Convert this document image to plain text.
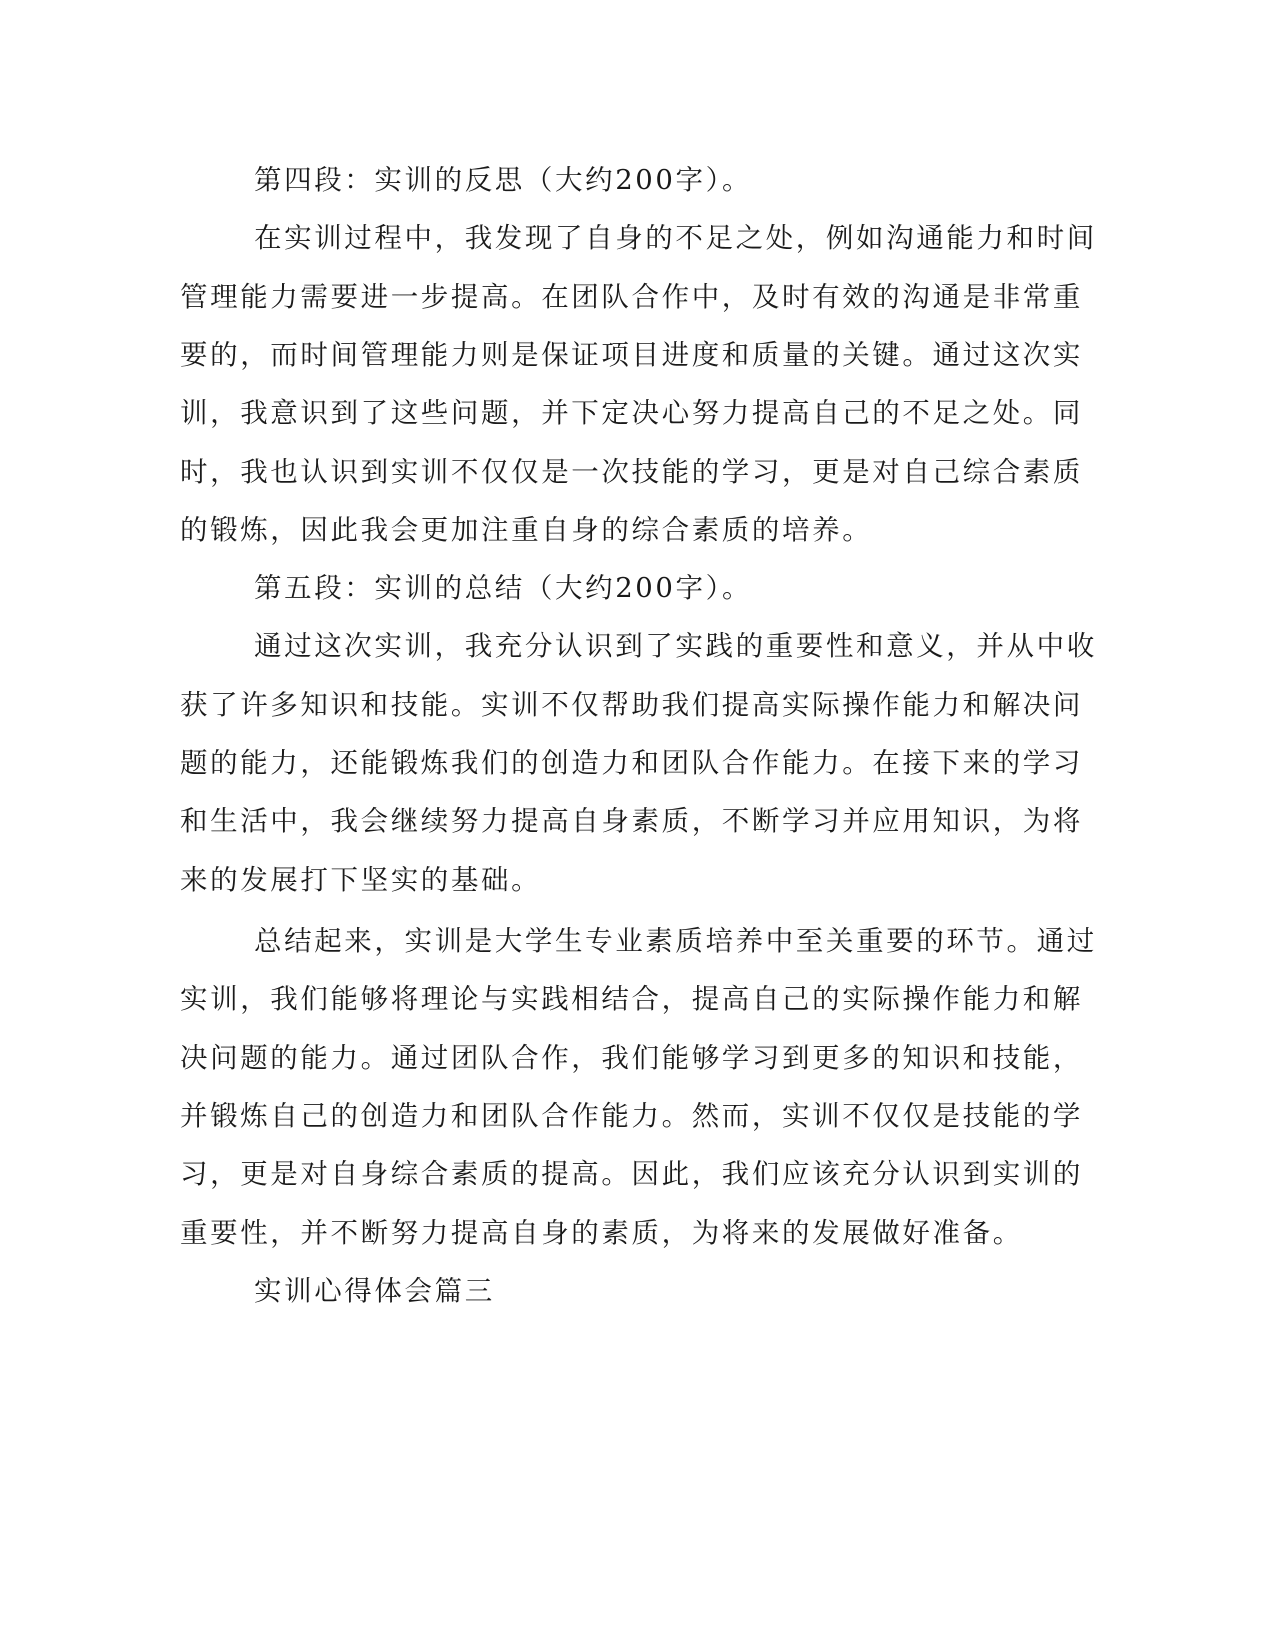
第四段：实训的反思（大约200字）。
在实训过程中，我发现了自身的不足之处，例如沟通能力和时间
管理能力需要进一步提高。在团队合作中，及时有效的沟通是非常重
要的，而时间管理能力则是保证项目进度和质量的关键。通过这次实
训，我意识到了这些问题，并下定决心努力提高自己的不足之处。同
时，我也认识到实训不仅仅是一次技能的学习，更是对自己综合素质
的锻炼，因此我会更加注重自身的综合素质的培养。
第五段：实训的总结（大约200字）。
通过这次实训，我充分认识到了实践的重要性和意义，并从中收
获了许多知识和技能。实训不仅帮助我们提高实际操作能力和解决问
题的能力，还能锻炼我们的创造力和团队合作能力。在接下来的学习
和生活中，我会继续努力提高自身素质，不断学习并应用知识，为将
来的发展打下坚实的基础。
总结起来，实训是大学生专业素质培养中至关重要的环节。通过
实训，我们能够将理论与实践相结合，提高自己的实际操作能力和解
决问题的能力。通过团队合作，我们能够学习到更多的知识和技能，
并锻炼自己的创造力和团队合作能力。然而，实训不仅仅是技能的学
习，更是对自身综合素质的提高。因此，我们应该充分认识到实训的
重要性，并不断努力提高自身的素质，为将来的发展做好准备。
实训心得体会篇三
